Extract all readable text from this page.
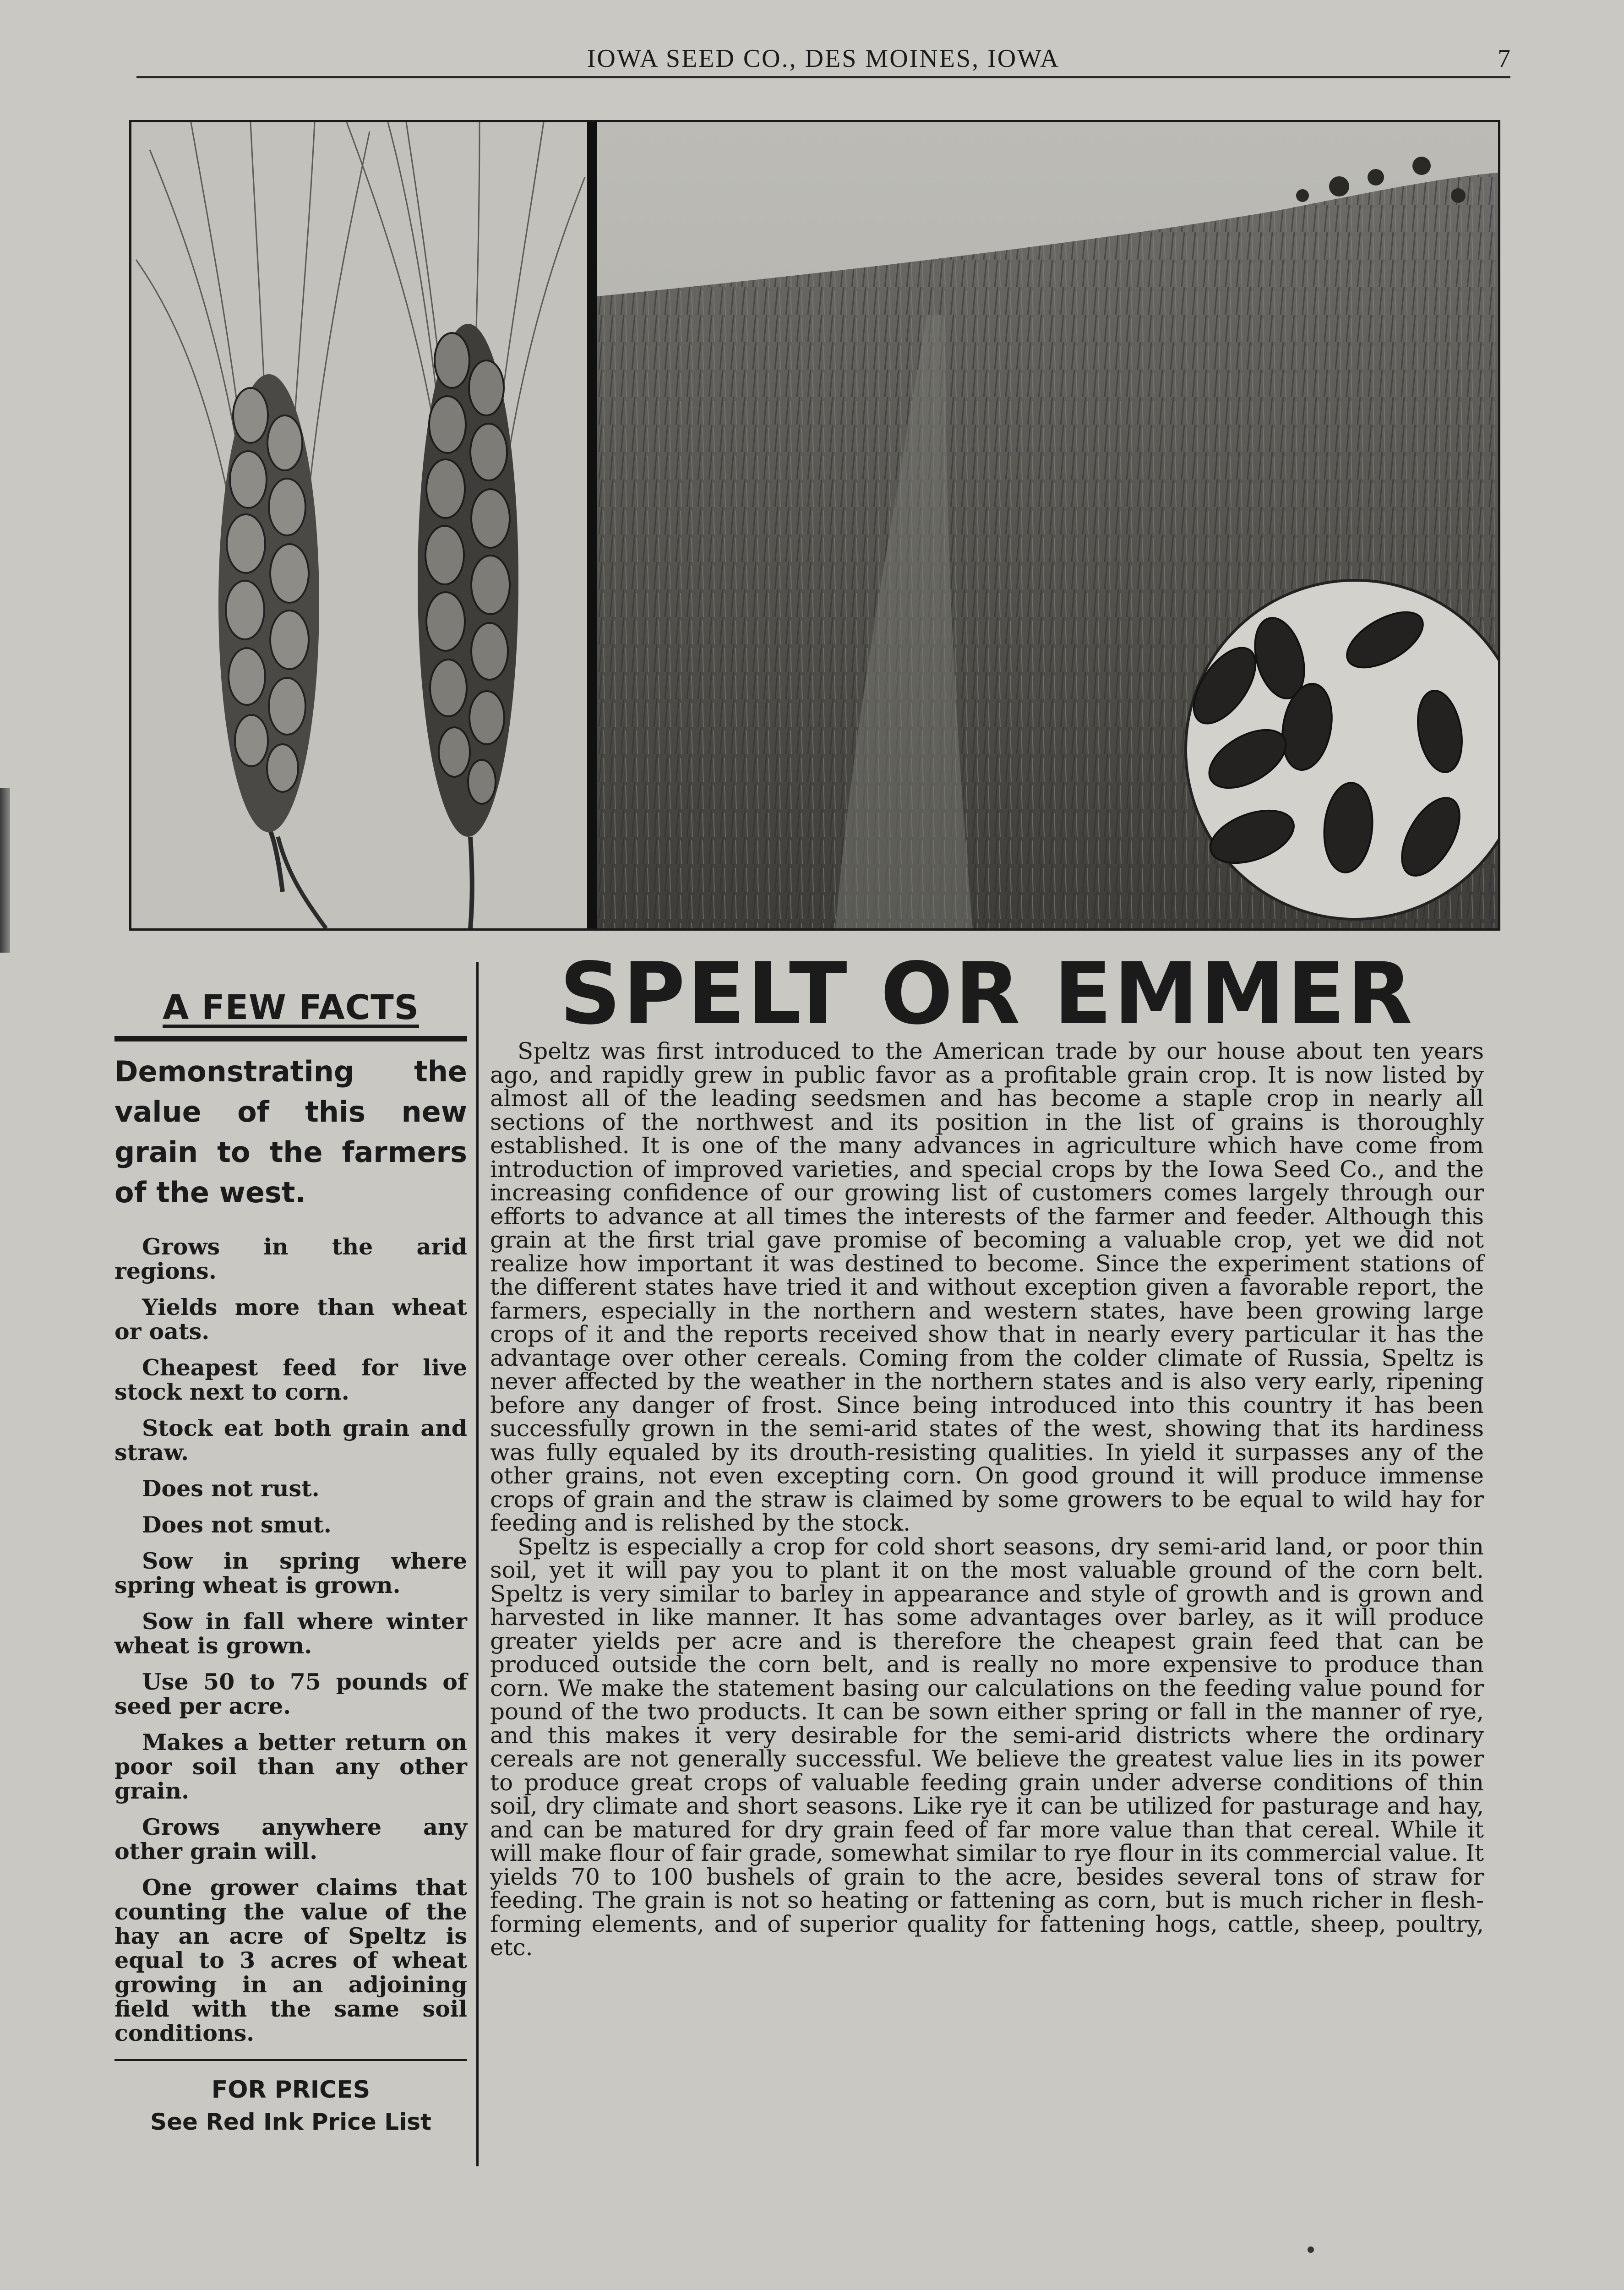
IOWA SEED CO., DES MOINES, IOWA	7
A FEW FACTS

Demonstrating the value of this new grain to the farmers of the west.

Grows in the arid regions.
Yields more than wheat or oats.
Cheapest feed for live stock next to corn.
Stock eat both grain and straw.
Does not rust.
Does not smut.
Sow in spring where spring wheat is grown.
Sow in fall where winter wheat is grown.
Use 50 to 75 pounds of seed per acre.
Makes a better return on poor soil than any other grain.
Grows anywhere any other grain will.
One grower claims that counting the value of the hay an acre of Speltz is equal to 3 acres of wheat growing in an adjoining field with the same soil conditions.

FOR PRICES

See Red Ink Price List

SPELT OR EMMER

Speltz was first introduced to the American trade by our house about ten years ago, and rapidly grew in public favor as a profitable grain crop. It is now listed by almost all of the leading seedsmen and has become a staple crop in nearly all sections of the northwest and its position in the list of grains is thoroughly established. It is one of the many advances in agriculture which have come from introduction of improved varieties, and special crops by the Iowa Seed Co., and the increasing confidence of our growing list of customers comes largely through our efforts to advance at all times the interests of the farmer and feeder. Although this grain at the first trial gave promise of becoming a valuable crop, yet we did not realize how important it was destined to become. Since the experiment stations of the different states have tried it and without exception given a favorable report, the farmers, especially in the northern and western states, have been growing large crops of it and the reports received show that in nearly every particular it has the advantage over other cereals. Coming from the colder climate of Russia, Speltz is never affected by the weather in the northern states and is also very early, ripening before any danger of frost. Since being introduced into this country it has been successfully grown in the semi-arid states of the west, showing that its hardiness was fully equaled by its drouth-resisting qualities. In yield it surpasses any of the other grains, not even excepting corn. On good ground it will produce immense crops of grain and the straw is claimed by some growers to be equal to wild hay for feeding and is relished by the stock.

Speltz is especially a crop for cold short seasons, dry semi-arid land, or poor thin soil, yet it will pay you to plant it on the most valuable ground of the corn belt. Speltz is very similar to barley in appearance and style of growth and is grown and harvested in like manner. It has some advantages over barley, as it will produce greater yields per acre and is therefore the cheapest grain feed that can be produced outside the corn belt, and is really no more expensive to produce than corn. We make the statement basing our calculations on the feeding value pound for pound of the two products. It can be sown either spring or fall in the manner of rye, and this makes it very desirable for the semi-arid districts where the ordinary cereals are not generally successful. We believe the greatest value lies in its power to produce great crops of valuable feeding grain under adverse conditions of thin soil, dry climate and short seasons. Like rye it can be utilized for pasturage and hay, and can be matured for dry grain feed of far more value than that cereal. While it will make flour of fair grade, somewhat similar to rye flour in its commercial value. It yields 70 to 100 bushels of grain to the acre, besides several tons of straw for feeding. The grain is not so heating or fattening as corn, but is much richer in flesh-forming elements, and of superior quality for fattening hogs, cattle, sheep, poultry, etc.
